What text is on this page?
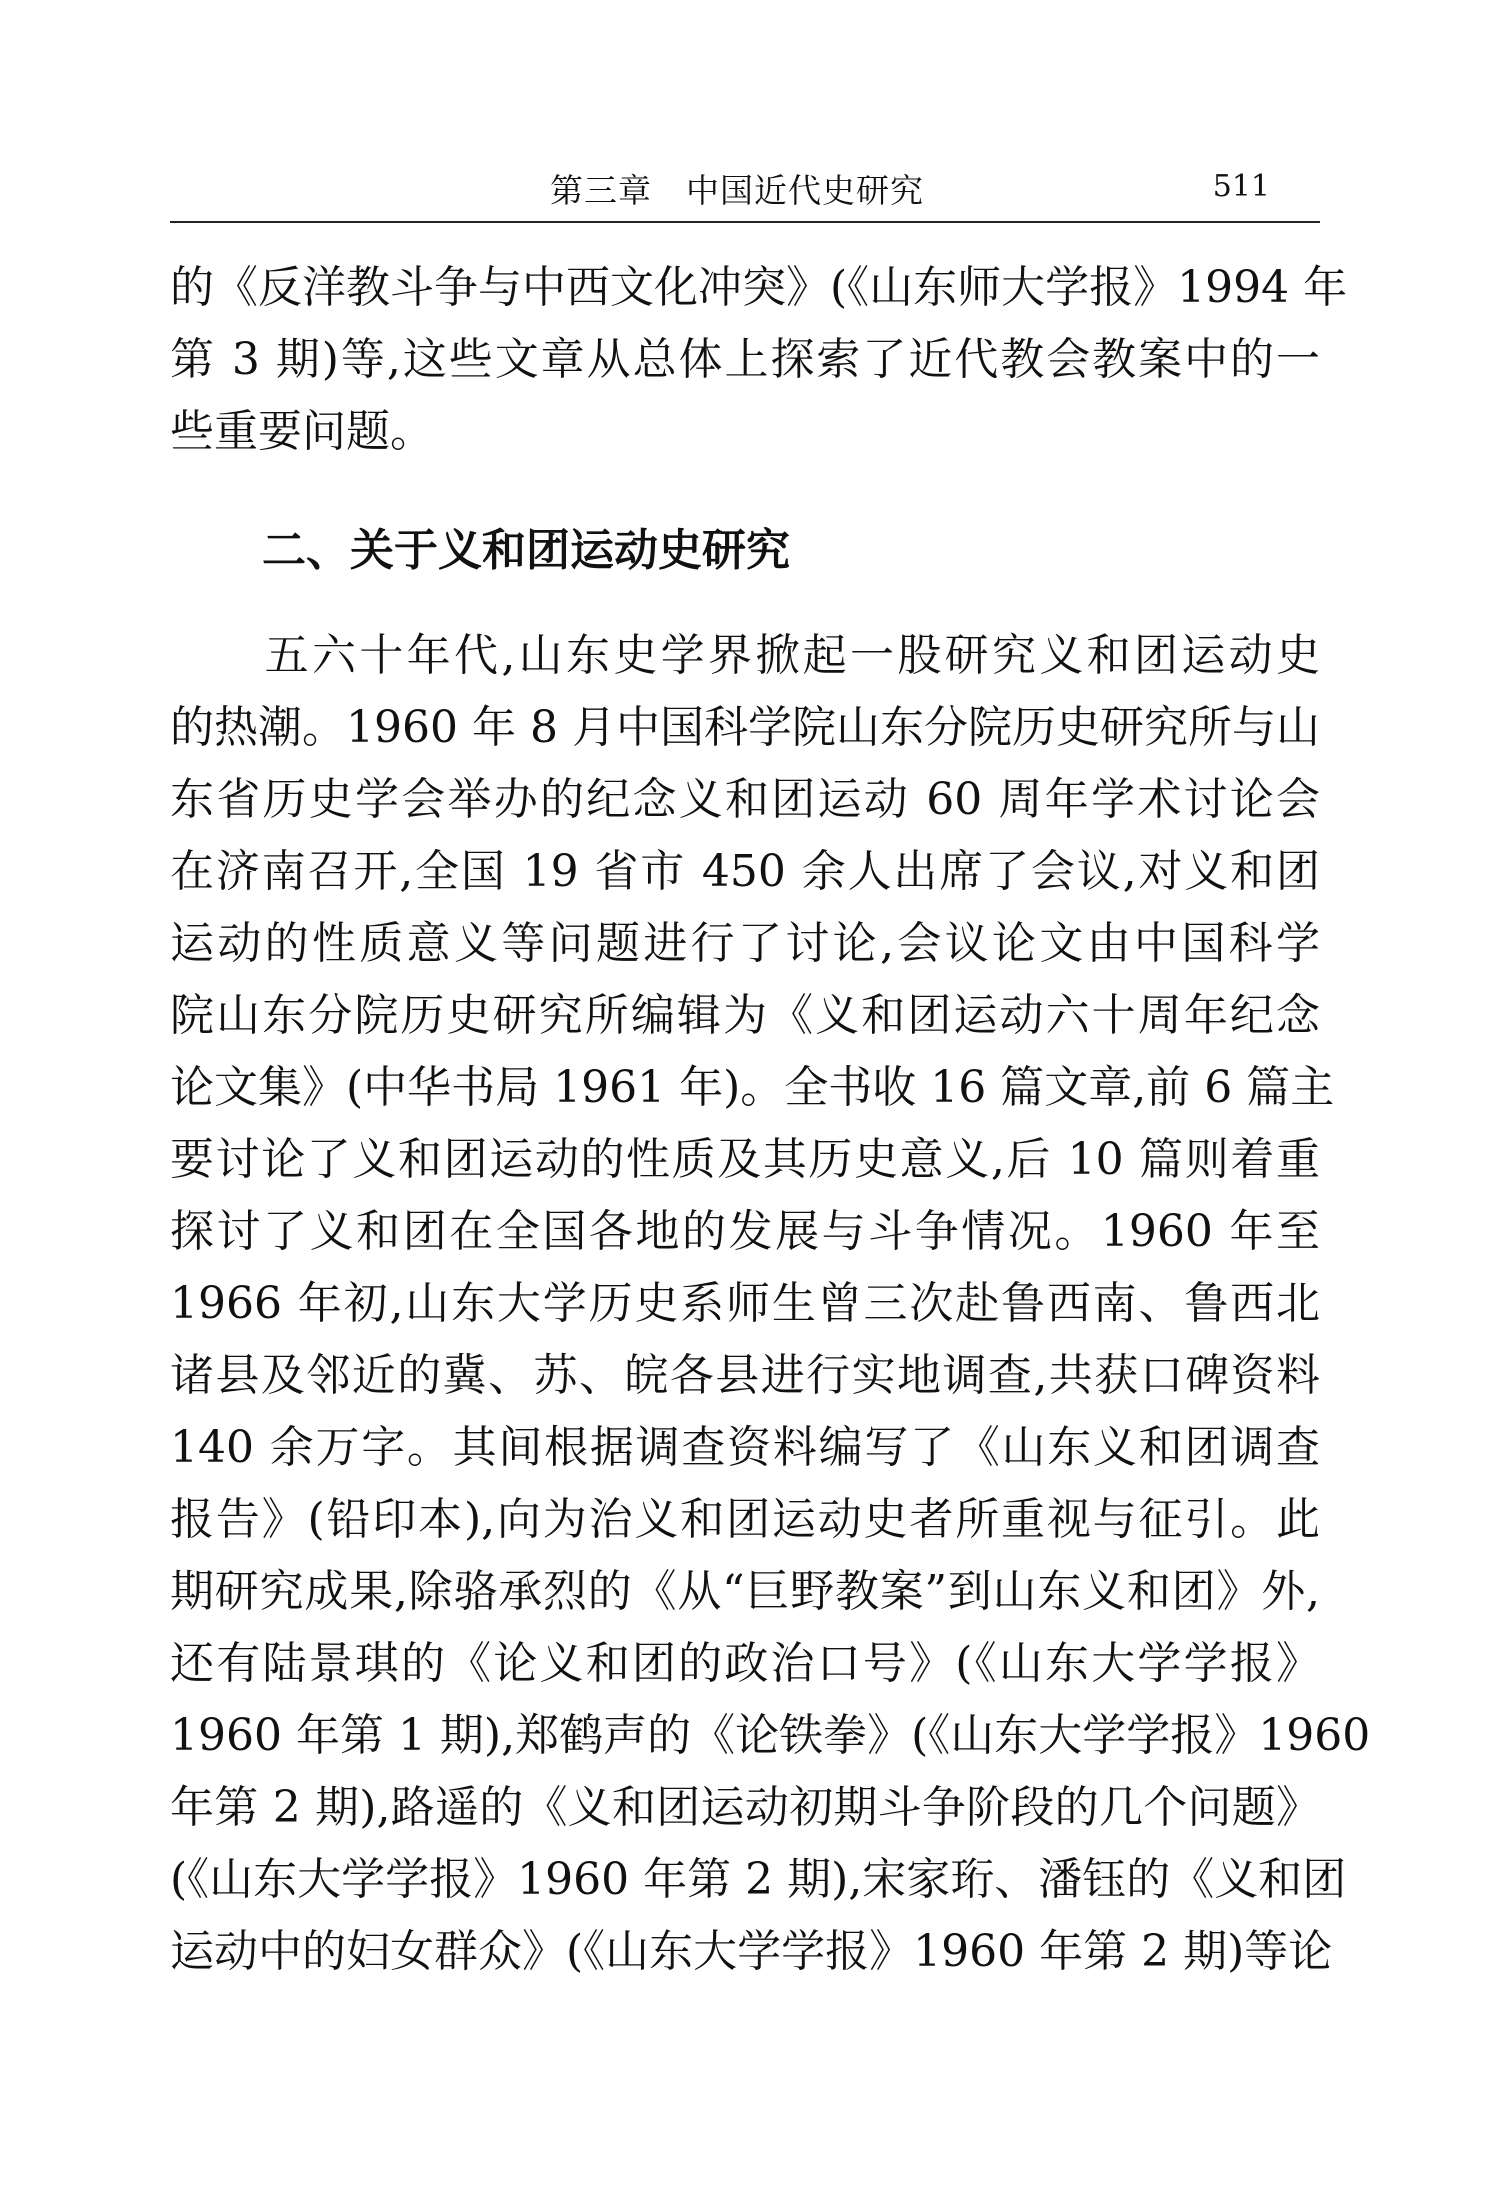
第三章　中国近代史研究	511
的《反洋教斗争与中西文化冲突》(《山东师大学报》1994 年
第 3 期)等,这些文章从总体上探索了近代教会教案中的一
些重要问题。
二、关于义和团运动史研究
　　五六十年代,山东史学界掀起一股研究义和团运动史
的热潮。1960 年 8 月中国科学院山东分院历史研究所与山
东省历史学会举办的纪念义和团运动 60 周年学术讨论会
在济南召开,全国 19 省市 450 余人出席了会议,对义和团
运动的性质意义等问题进行了讨论,会议论文由中国科学
院山东分院历史研究所编辑为《义和团运动六十周年纪念
论文集》(中华书局 1961 年)。全书收 16 篇文章,前 6 篇主
要讨论了义和团运动的性质及其历史意义,后 10 篇则着重
探讨了义和团在全国各地的发展与斗争情况。1960 年至
1966 年初,山东大学历史系师生曾三次赴鲁西南、鲁西北
诸县及邻近的冀、苏、皖各县进行实地调查,共获口碑资料
140 余万字。其间根据调查资料编写了《山东义和团调查
报告》(铅印本),向为治义和团运动史者所重视与征引。此
期研究成果,除骆承烈的《从“巨野教案”到山东义和团》外,
还有陆景琪的《论义和团的政治口号》(《山东大学学报》
1960 年第 1 期),郑鹤声的《论铁拳》(《山东大学学报》1960
年第 2 期),路遥的《义和团运动初期斗争阶段的几个问题》
(《山东大学学报》1960 年第 2 期),宋家珩、潘钰的《义和团
运动中的妇女群众》(《山东大学学报》1960 年第 2 期)等论
